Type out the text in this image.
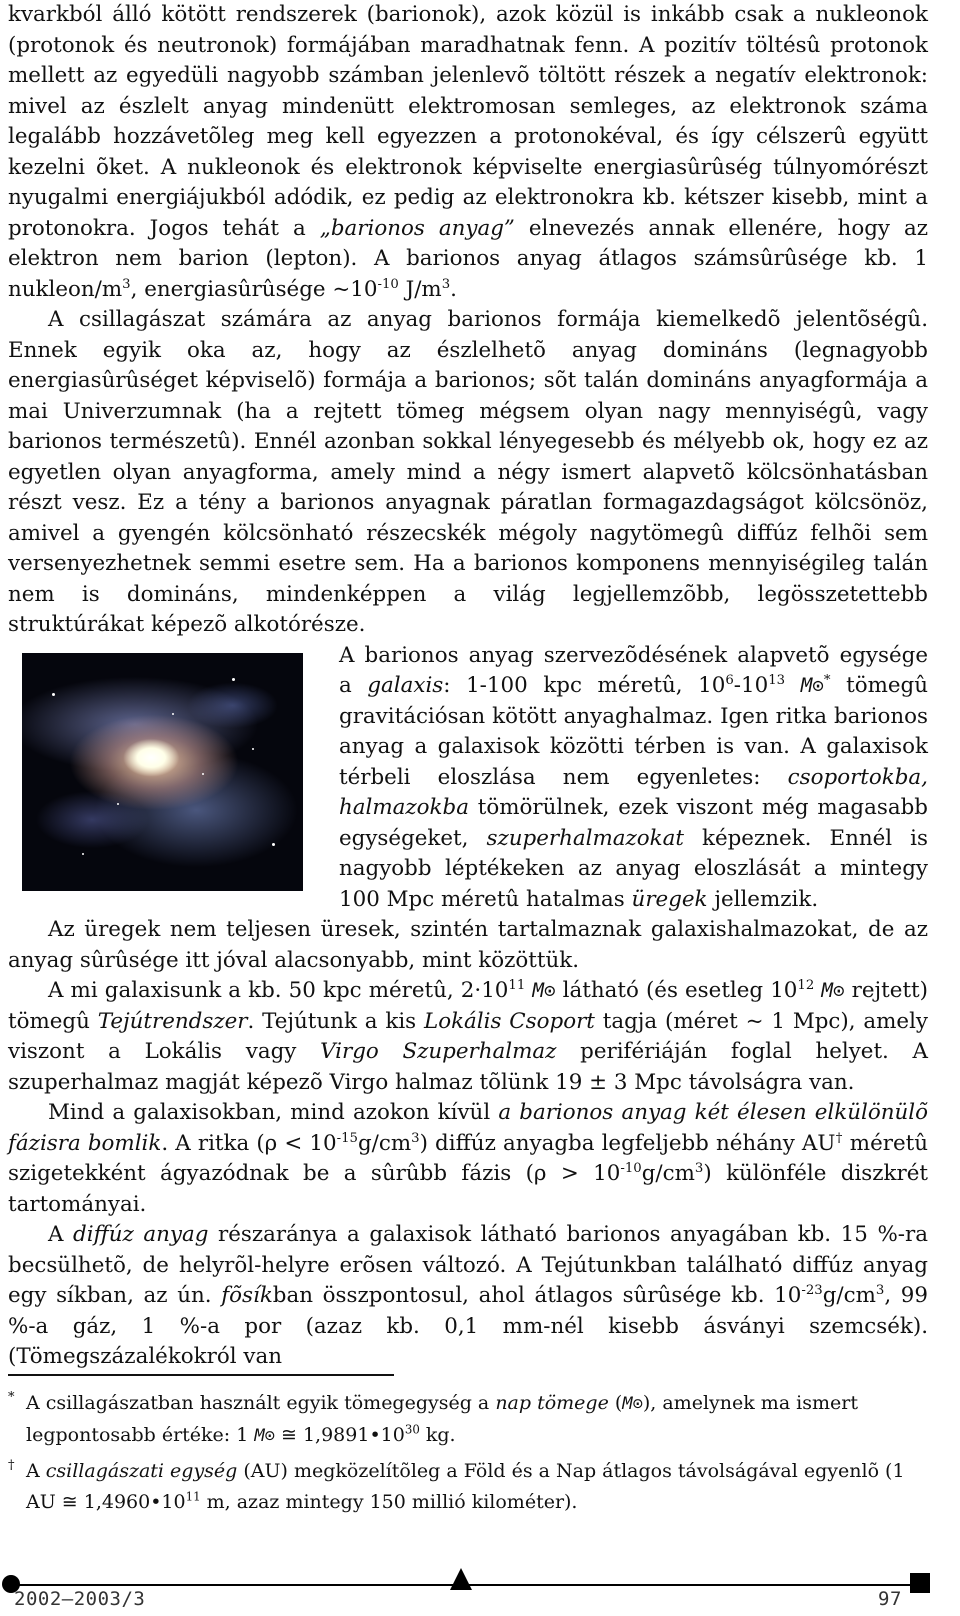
kvarkból álló kötött rendszerek (barionok), azok közül is inkább csak a nukleonok (protonok és neutronok) formájában maradhatnak fenn. A pozitív töltésû protonok mellett az egyedüli nagyobb számban jelenlevõ töltött részek a negatív elektronok: mivel az észlelt anyag mindenütt elektromosan semleges, az elektronok száma legalább hozzávetõleg meg kell egyezzen a protonokéval, és így célszerû együtt kezelni õket. A nukleonok és elektronok képviselte energiasûrûség túlnyomórészt nyugalmi energiájukból adódik, ez pedig az elektronokra kb. kétszer kisebb, mint a protonokra. Jogos tehát a „barionos anyag” elnevezés annak ellenére, hogy az elektron nem barion (lepton). A barionos anyag átlagos számsûrûsége kb. 1 nukleon/$m^3$, energiasûrûsége $\sim 10^{-10}$ $J/m^3$.

A csillagászat számára az anyag barionos formája kiemelkedõ jelentõségû. Ennek egyik oka az, hogy az észlelhetõ anyag domináns (legnagyobb energiasûrûséget képviselõ) formája a barionos; sõt talán domináns anyagformája a mai Univerzumnak (ha a rejtett tömeg mégsem olyan nagy mennyiségû, vagy barionos természetû). Ennél azonban sokkal lényegesebb és mélyebb ok, hogy ez az egyetlen olyan anyagforma, amely mind a négy ismert alapvetõ kölcsönhatásban részt vesz. Ez a tény a barionos anyagnak páratlan formagazdagságot kölcsönöz, amivel a gyengén kölcsönható részecskék mégoly nagytömegû diffúz felhõi sem versenyezhetnek semmi esetre sem. Ha a barionos komponens mennyiségileg talán nem is domináns, mindenképpen a világ legjellemzõbb, legösszetettebb struktúrákat képezõ alkotórésze.

A barionos anyag szervezõdésének alapvetõ egysége a galaxis: 1-100 kpc méretû, $10^6-10^{13}$ M⊙* tömegû gravitációsan kötött anyaghalmaz. Igen ritka barionos anyag a galaxisok közötti térben is van. A galaxisok térbeli eloszlása nem egyenletes: csoportokba, halmazokba tömörülnek, ezek viszont még magasabb egységeket, szuperhalmazokat képeznek. Ennél is nagyobb léptékeken az anyag eloszlását a mintegy 100 Mpc méretû hatalmas üregek jellemzik.

Az üregek nem teljesen üresek, szintén tartalmaznak galaxishalmazokat, de az anyag sûrûsége itt jóval alacsonyabb, mint közöttük.

A mi galaxisunk a kb. 50 kpc méretû, $2\cdot 10^{11}$ M⊙ látható (és esetleg $10^{12}$ M⊙ rejtett) tömegû Tejútrendszer. Tejútunk a kis Lokális Csoport tagja (méret ~ 1 Mpc), amely viszont a Lokális vagy Virgo Szuperhalmaz perifériáján foglal helyet. A szuperhalmaz magját képezõ Virgo halmaz tõlünk 19 ± 3 Mpc távolságra van.

Mind a galaxisokban, mind azokon kívül a barionos anyag két élesen elkülönülõ fázisra bomlik. A ritka $(\rho < 10^{-15}g/cm^3)$ diffúz anyagba legfeljebb néhány AU† méretû szigetekként ágyazódnak be a sûrûbb fázis $(\rho > 10^{-10}g/cm^3)$ különféle diszkrét tartományai.

A diffúz anyag részaránya a galaxisok látható barionos anyagában kb. 15 %-ra becsülhetõ, de helyrõl-helyre erõsen változó. A Tejútunkban található diffúz anyag egy síkban, az ún. fõsíkban összpontosul, ahol átlagos sûrûsége kb. $10^{-23}g/cm^3$, 99 %-a gáz, 1 %-a por (azaz kb. 0,1 mm-nél kisebb ásványi szemcsék). (Tömegszázalékokról van

* A csillagászatban használt egyik tömegegység a nap tömege (M⊙), amelynek ma ismert legpontosabb értéke: 1 M⊙ ≅ $1,9891•10^{30}$ kg.
† A csillagászati egység (AU) megközelítõleg a Föld és a Nap átlagos távolságával egyenlõ (1 AU ≅ $1,4960•10^{11}$ m, azaz mintegy 150 millió kilométer).
2002–2003/3	97
